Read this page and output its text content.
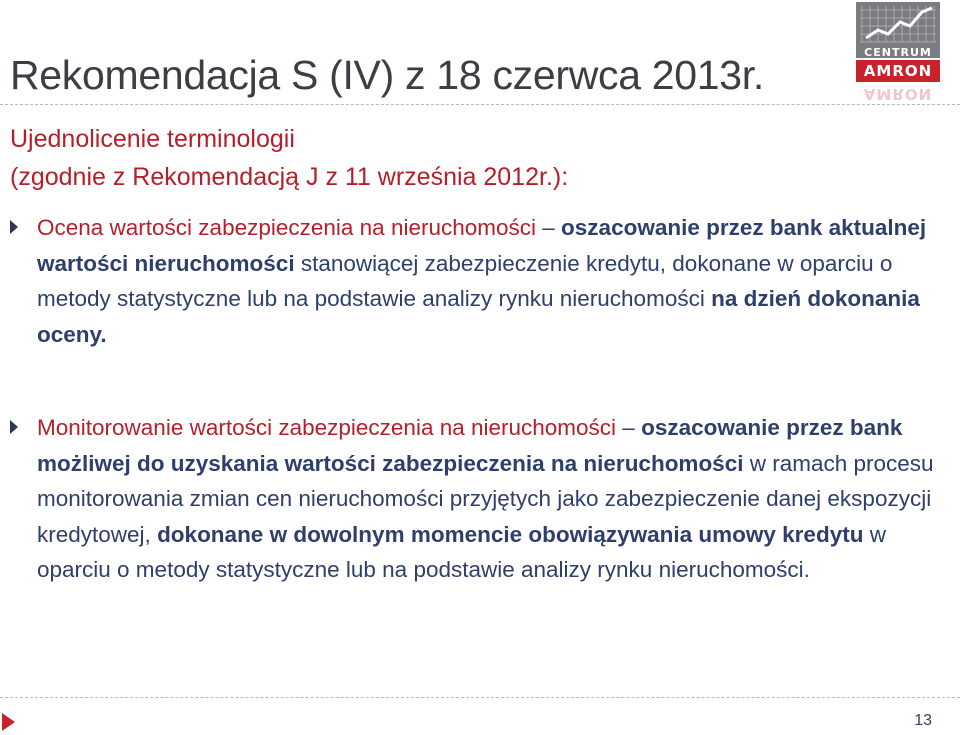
Rekomendacja S (IV) z 18 czerwca 2013r.	CENTRUM
AMRON
AMRON
Ujednolicenie terminologii
(zgodnie z Rekomendacją J z 11 września 2012r.):
Ocena wartości zabezpieczenia na nieruchomości – oszacowanie przez bank aktualnej wartości nieruchomości stanowiącej zabezpieczenie kredytu, dokonane w oparciu o metody statystyczne lub na podstawie analizy rynku nieruchomości na dzień dokonania oceny.
Monitorowanie wartości zabezpieczenia na nieruchomości – oszacowanie przez bank możliwej do uzyskania wartości zabezpieczenia na nieruchomości w ramach procesu monitorowania zmian cen nieruchomości przyjętych jako zabezpieczenie danej ekspozycji kredytowej, dokonane w dowolnym momencie obowiązywania umowy kredytu w oparciu o metody statystyczne lub na podstawie analizy rynku nieruchomości.
13
